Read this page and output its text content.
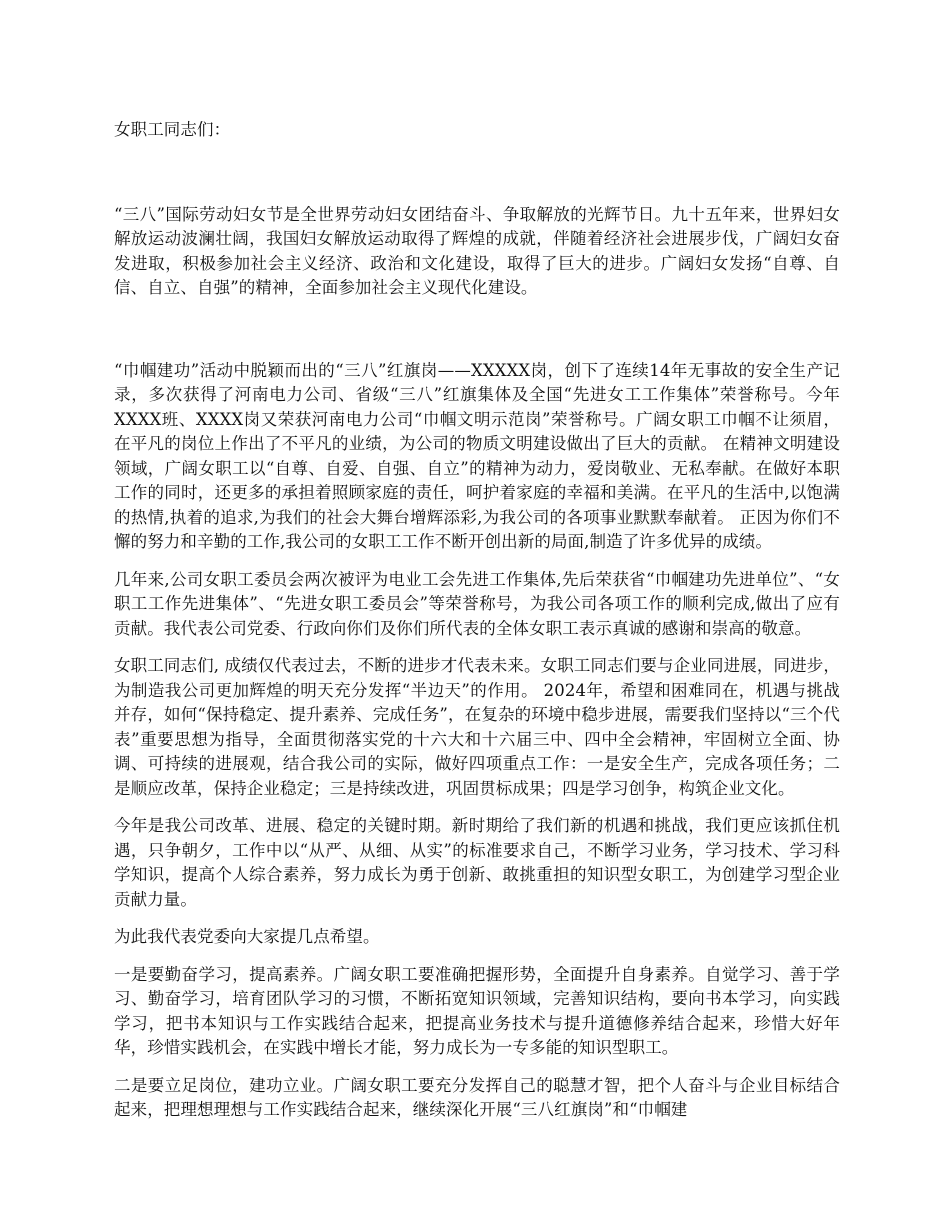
女职工同志们：

“三八”国际劳动妇女节是全世界劳动妇女团结奋斗、争取解放的光辉节日。九十五年来，世界妇女解放运动波澜壮阔，我国妇女解放运动取得了辉煌的成就，伴随着经济社会进展步伐，广阔妇女奋发进取，积极参加社会主义经济、政治和文化建设，取得了巨大的进步。广阔妇女发扬“自尊、自信、自立、自强”的精神，全面参加社会主义现代化建设。

“巾帼建功”活动中脱颖而出的“三八”红旗岗——XXXXX岗，创下了连续14年无事故的安全生产记录，多次获得了河南电力公司、省级“三八”红旗集体及全国“先进女工工作集体”荣誉称号。今年XXXX班、XXXX岗又荣获河南电力公司“巾帼文明示范岗”荣誉称号。广阔女职工巾帼不让须眉，在平凡的岗位上作出了不平凡的业绩，为公司的物质文明建设做出了巨大的贡献。 在精神文明建设领域，广阔女职工以“自尊、自爱、自强、自立”的精神为动力，爱岗敬业、无私奉献。在做好本职工作的同时，还更多的承担着照顾家庭的责任，呵护着家庭的幸福和美满。在平凡的生活中,以饱满的热情,执着的追求,为我们的社会大舞台增辉添彩,为我公司的各项事业默默奉献着。 正因为你们不懈的努力和辛勤的工作,我公司的女职工工作不断开创出新的局面,制造了许多优异的成绩。

几年来,公司女职工委员会两次被评为电业工会先进工作集体,先后荣获省“巾帼建功先进单位”、“女职工工作先进集体”、“先进女职工委员会”等荣誉称号，为我公司各项工作的顺利完成,做出了应有贡献。我代表公司党委、行政向你们及你们所代表的全体女职工表示真诚的感谢和崇高的敬意。

女职工同志们, 成绩仅代表过去，不断的进步才代表未来。女职工同志们要与企业同进展，同进步，为制造我公司更加辉煌的明天充分发挥“半边天”的作用。 2024年，希望和困难同在，机遇与挑战并存，如何“保持稳定、提升素养、完成任务”，在复杂的环境中稳步进展，需要我们坚持以“三个代表”重要思想为指导，全面贯彻落实党的十六大和十六届三中、四中全会精神，牢固树立全面、协调、可持续的进展观，结合我公司的实际，做好四项重点工作：一是安全生产，完成各项任务；二是顺应改革，保持企业稳定；三是持续改进，巩固贯标成果；四是学习创争，构筑企业文化。

今年是我公司改革、进展、稳定的关键时期。新时期给了我们新的机遇和挑战，我们更应该抓住机遇，只争朝夕，工作中以“从严、从细、从实”的标准要求自己，不断学习业务，学习技术、学习科学知识，提高个人综合素养，努力成长为勇于创新、敢挑重担的知识型女职工，为创建学习型企业贡献力量。

为此我代表党委向大家提几点希望。

一是要勤奋学习，提高素养。广阔女职工要准确把握形势，全面提升自身素养。自觉学习、善于学习、勤奋学习，培育团队学习的习惯，不断拓宽知识领域，完善知识结构，要向书本学习，向实践学习，把书本知识与工作实践结合起来，把提高业务技术与提升道德修养结合起来，珍惜大好年华，珍惜实践机会，在实践中增长才能，努力成长为一专多能的知识型职工。

二是要立足岗位，建功立业。广阔女职工要充分发挥自己的聪慧才智，把个人奋斗与企业目标结合起来，把理想理想与工作实践结合起来，继续深化开展“三八红旗岗”和“巾帼建
